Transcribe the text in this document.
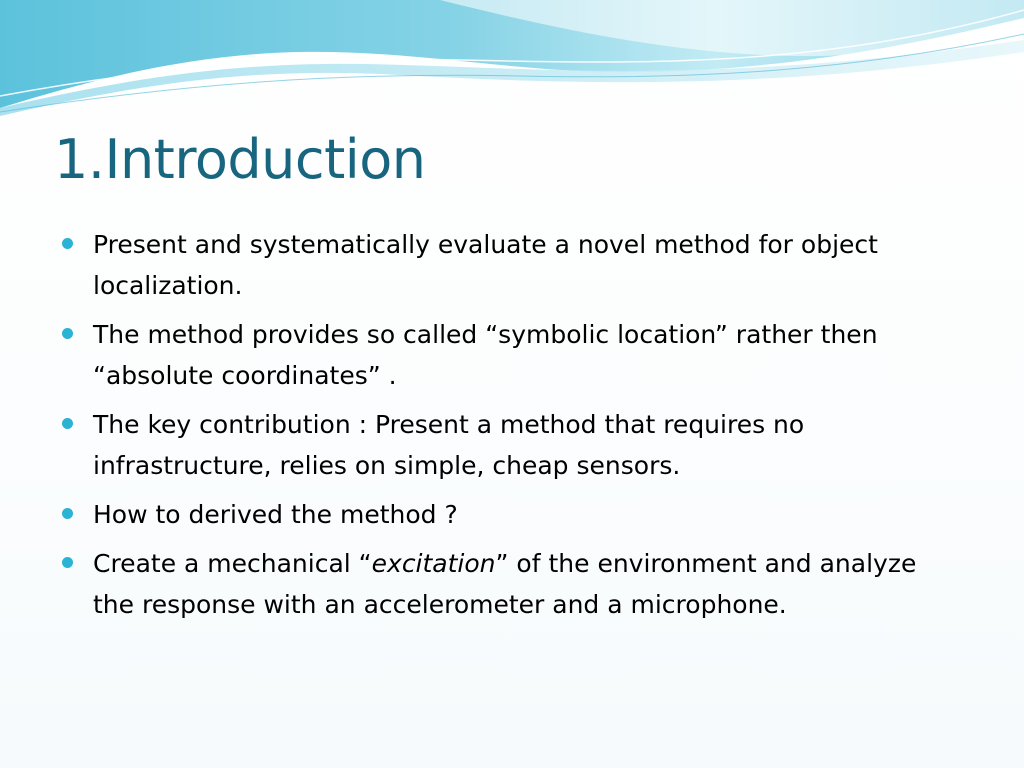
1.Introduction
Present and systematically evaluate a novel method for object localization.
The method provides so called “symbolic location” rather then “absolute coordinates” .
The key contribution : Present a method that requires no infrastructure, relies on simple, cheap sensors.
How to derived the method ?
Create a mechanical “excitation” of the environment and analyze the response with an accelerometer and a microphone.
